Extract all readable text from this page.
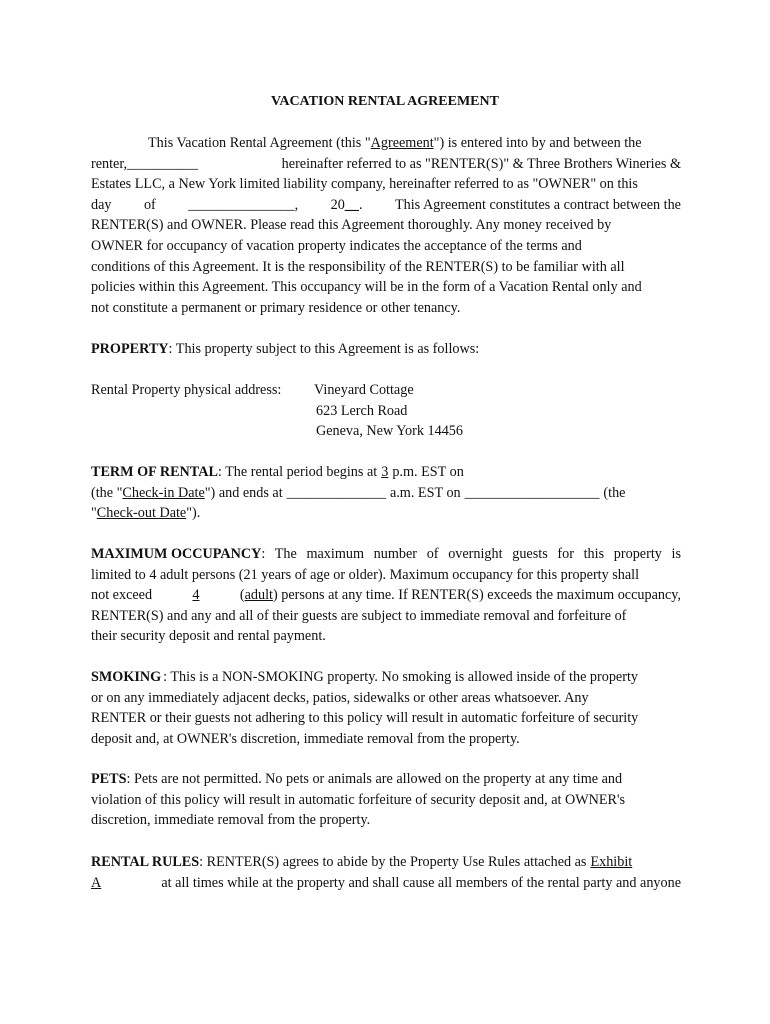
VACATION RENTAL AGREEMENT
This Vacation Rental Agreement (this " Agreement ") is entered into by and between the
renter,__________	hereinafter referred to as "RENTER(S)" & Three Brothers Wineries &
Estates LLC, a New York limited liability company, hereinafter referred to as "OWNER" on this
day of _______________, 20__. This Agreement constitutes a contract between the
RENTER(S) and OWNER. Please read this Agreement thoroughly. Any money received by
OWNER for occupancy of vacation property indicates the acceptance of the terms and
conditions of this Agreement. It is the responsibility of the RENTER(S) to be familiar with all
policies within this Agreement. This occupancy will be in the form of a Vacation Rental only and
not constitute a permanent or primary residence or other tenancy.
PROPERTY : This property subject to this Agreement is as follows:
Rental Property physical address: Vineyard Cottage
623 Lerch Road
Geneva, New York 14456
TERM OF RENTAL : The rental period begins at 3 p.m. EST on
(the " Check-in Date ") and ends at ______________ a.m. EST on ___________________ (the
" Check-out Date ").
MAXIMUM OCCUPANCY : The maximum number of overnight guests for this property is
limited to 4 adult persons (21 years of age or older). Maximum occupancy for this property shall
not exceed	4	(adult) persons at any time. If RENTER(S) exceeds the maximum occupancy,
RENTER(S) and any and all of their guests are subject to immediate removal and forfeiture of
their security deposit and rental payment.
SMOKING : This is a NON-SMOKING property. No smoking is allowed inside of the property
or on any immediately adjacent decks, patios, sidewalks or other areas whatsoever. Any
RENTER or their guests not adhering to this policy will result in automatic forfeiture of security
deposit and, at OWNER's discretion, immediate removal from the property.
PETS : Pets are not permitted. No pets or animals are allowed on the property at any time and
violation of this policy will result in automatic forfeiture of security deposit and, at OWNER's
discretion, immediate removal from the property.
RENTAL RULES : RENTER(S) agrees to abide by the Property Use Rules attached as Exhibit
A	at all times while at the property and shall cause all members of the rental party and anyone
